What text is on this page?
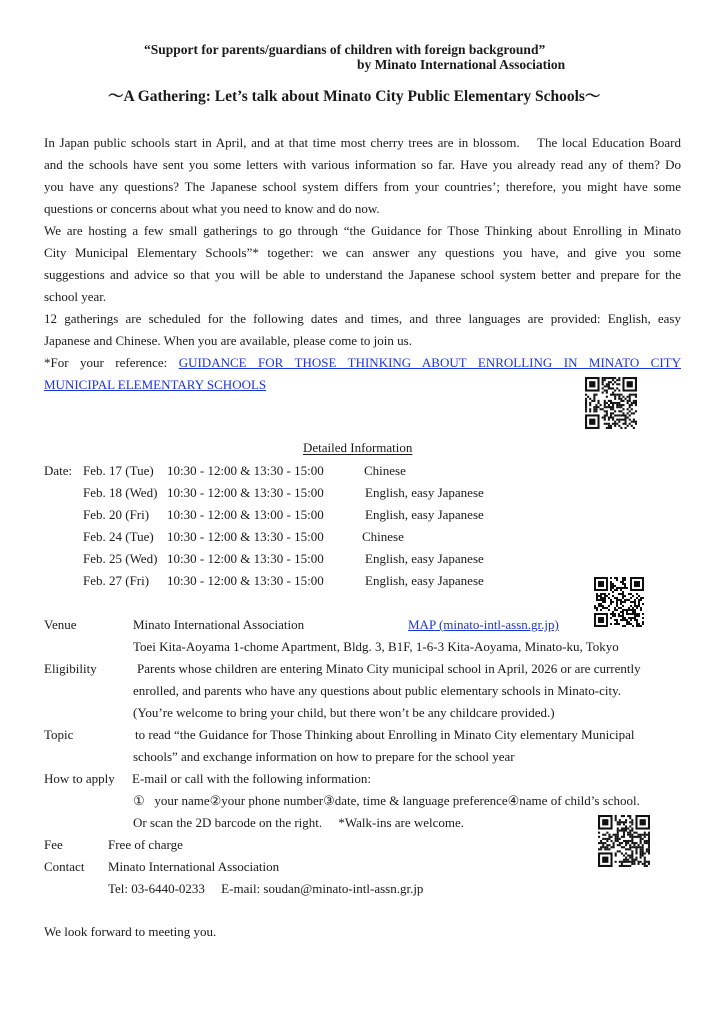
“Support for parents/guardians of children with foreign background”
by Minato International Association
～A Gathering: Let’s talk about Minato City Public Elementary Schools～
In Japan public schools start in April, and at that time most cherry trees are in blossom.  The local Education Board
and the schools have sent you some letters with various information so far. Have you already read any of them? Do
you have any questions? The Japanese school system differs from your countries’; therefore, you might have some
questions or concerns about what you need to know and do now.
We are hosting a few small gatherings to go through “the Guidance for Those Thinking about Enrolling in Minato
City Municipal Elementary Schools”* together: we can answer any questions you have, and give you some
suggestions and advice so that you will be able to understand the Japanese school system better and prepare for the
school year.
12 gatherings are scheduled for the following dates and times, and three languages are provided: English, easy
Japanese and Chinese. When you are available, please come to join us.
*For your reference: GUIDANCE FOR THOSE THINKING ABOUT ENROLLING IN MINATO CITY
MUNICIPAL ELEMENTARY SCHOOLS
Detailed Information
Date: Feb. 17 (Tue) 10:30 - 12:00 & 13:30 - 15:00	Chinese
Feb. 18 (Wed) 10:30 - 12:00 & 13:30 - 15:00	English, easy Japanese
Feb. 20 (Fri) 10:30 - 12:00 & 13:00 - 15:00	English, easy Japanese
Feb. 24 (Tue) 10:30 - 12:00 & 13:30 - 15:00	Chinese
Feb. 25 (Wed) 10:30 - 12:00 & 13:30 - 15:00	English, easy Japanese
Feb. 27 (Fri) 10:30 - 12:00 & 13:30 - 15:00	English, easy Japanese
Venue	Minato International Association	MAP (minato-intl-assn.gr.jp)
Toei Kita-Aoyama 1-chome Apartment, Bldg. 3, B1F, 1-6-3 Kita-Aoyama, Minato-ku, Tokyo
Eligibility	Parents whose children are entering Minato City municipal school in April, 2026 or are currently
enrolled, and parents who have any questions about public elementary schools in Minato-city.
(You’re welcome to bring your child, but there won’t be any childcare provided.)
Topic	to read “the Guidance for Those Thinking about Enrolling in Minato City elementary Municipal
schools” and exchange information on how to prepare for the school year
How to apply E-mail or call with the following information:
①  your name②your phone number③date, time & language preference④name of child’s school.
Or scan the 2D barcode on the right.  *Walk-ins are welcome.
Fee	Free of charge
Contact Minato International Association
Tel: 03-6440-0233  E-mail: soudan@minato-intl-assn.gr.jp
We look forward to meeting you.
